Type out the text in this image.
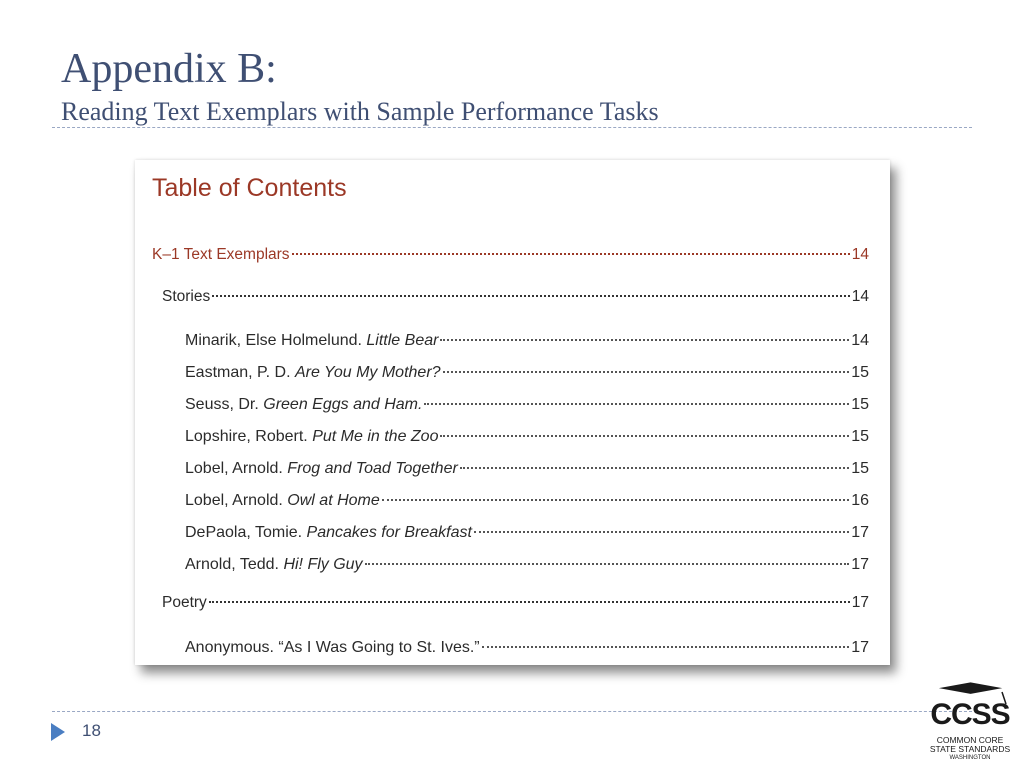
Appendix B:
Reading Text Exemplars with Sample Performance Tasks
Table of Contents
K–1 Text Exemplars	14
Stories	14
Minarik, Else Holmelund. Little Bear	14
Eastman, P. D. Are You My Mother?	15
Seuss, Dr. Green Eggs and Ham.	15
Lopshire, Robert. Put Me in the Zoo	15
Lobel, Arnold. Frog and Toad Together	15
Lobel, Arnold. Owl at Home	16
DePaola, Tomie. Pancakes for Breakfast	17
Arnold, Tedd. Hi! Fly Guy	17
Poetry	17
Anonymous. “As I Was Going to St. Ives.”	17
18	CCSS
COMMON CORE
STATE STANDARDS
WASHINGTON
